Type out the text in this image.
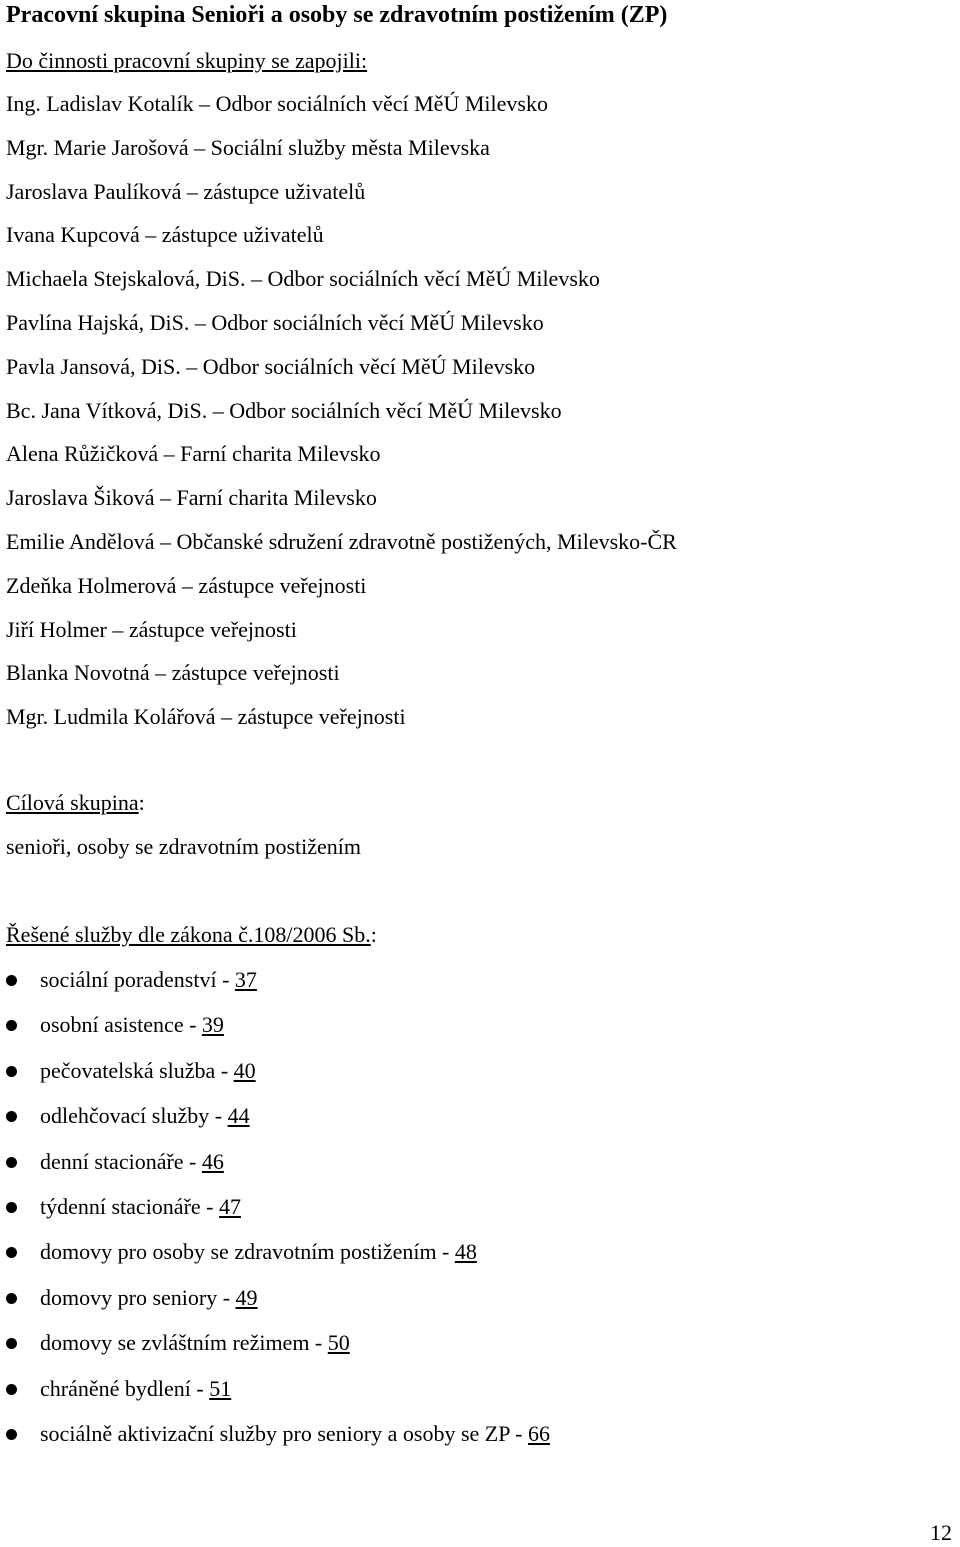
Pracovní skupina Senioři a osoby se zdravotním postižením (ZP)
Do činnosti pracovní skupiny se zapojili:
Ing. Ladislav Kotalík – Odbor sociálních věcí MěÚ Milevsko
Mgr. Marie Jarošová – Sociální služby města Milevska
Jaroslava Paulíková – zástupce uživatelů
Ivana Kupcová – zástupce uživatelů
Michaela Stejskalová, DiS. – Odbor sociálních věcí MěÚ Milevsko
Pavlína Hajská, DiS. – Odbor sociálních věcí MěÚ Milevsko
Pavla Jansová, DiS. – Odbor sociálních věcí MěÚ Milevsko
Bc. Jana Vítková, DiS. – Odbor sociálních věcí MěÚ Milevsko
Alena Růžičková – Farní charita Milevsko
Jaroslava Šiková – Farní charita Milevsko
Emilie Andělová – Občanské sdružení zdravotně postižených, Milevsko-ČR
Zdeňka Holmerová – zástupce veřejnosti
Jiří Holmer – zástupce veřejnosti
Blanka Novotná – zástupce veřejnosti
Mgr. Ludmila Kolářová – zástupce veřejnosti
Cílová skupina:
senioři, osoby se zdravotním postižením
Řešené služby dle zákona č.108/2006 Sb.:
sociální poradenství - 37
osobní asistence - 39
pečovatelská služba - 40
odlehčovací služby - 44
denní stacionáře - 46
týdenní stacionáře - 47
domovy pro osoby se zdravotním postižením - 48
domovy pro seniory - 49
domovy se zvláštním režimem - 50
chráněné bydlení - 51
sociálně aktivizační služby pro seniory a osoby se ZP - 66
12
